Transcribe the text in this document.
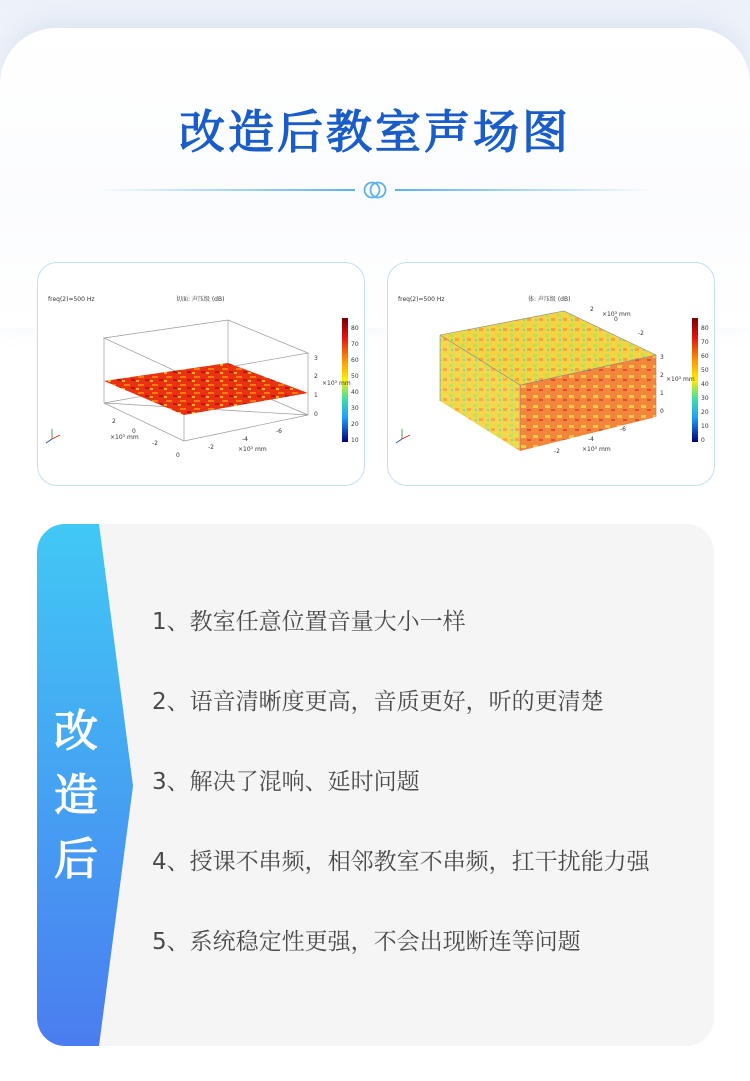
改造后教室声场图
freq(2)=500 Hz	切面: 声压级 (dB)
80
70
60
50
40
30
20
10
3
2
1
0
×10³ mm
-6
-4
-2
0
×10³ mm
2
0
-2
×10³ mm
freq(2)=500 Hz	体: 声压级 (dB)
80
70
60
50
40
30
20
10
0
3
2
1
0
×10³ mm
-6
-4
-2	×10³ mm
2
0
-2
×10³ mm
改
造
后
1、教室任意位置音量大小一样
2、语音清晰度更高，音质更好，听的更清楚
3、解决了混响、延时问题
4、授课不串频，相邻教室不串频，扛干扰能力强
5、系统稳定性更强，不会出现断连等问题
